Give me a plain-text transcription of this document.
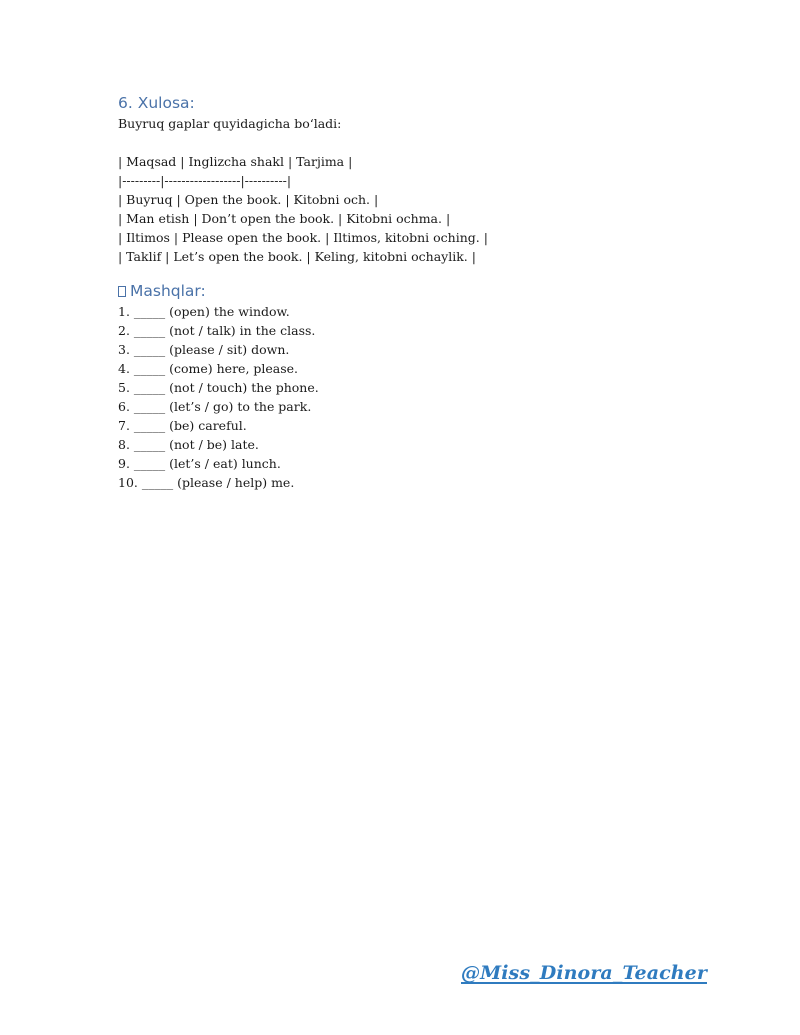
6. Xulosa:
Buyruq gaplar quyidagicha bo‘ladi:
| Maqsad | Inglizcha shakl | Tarjima |
|---------|------------------|----------|
| Buyruq | Open the book. | Kitobni och. |
| Man etish | Don’t open the book. | Kitobni ochma. |
| Iltimos | Please open the book. | Iltimos, kitobni oching. |
| Taklif | Let’s open the book. | Keling, kitobni ochaylik. |
Mashqlar:
1. _____ (open) the window.
2. _____ (not / talk) in the class.
3. _____ (please / sit) down.
4. _____ (come) here, please.
5. _____ (not / touch) the phone.
6. _____ (let’s / go) to the park.
7. _____ (be) careful.
8. _____ (not / be) late.
9. _____ (let’s / eat) lunch.
10. _____ (please / help) me.
@Miss_Dinora_Teacher
